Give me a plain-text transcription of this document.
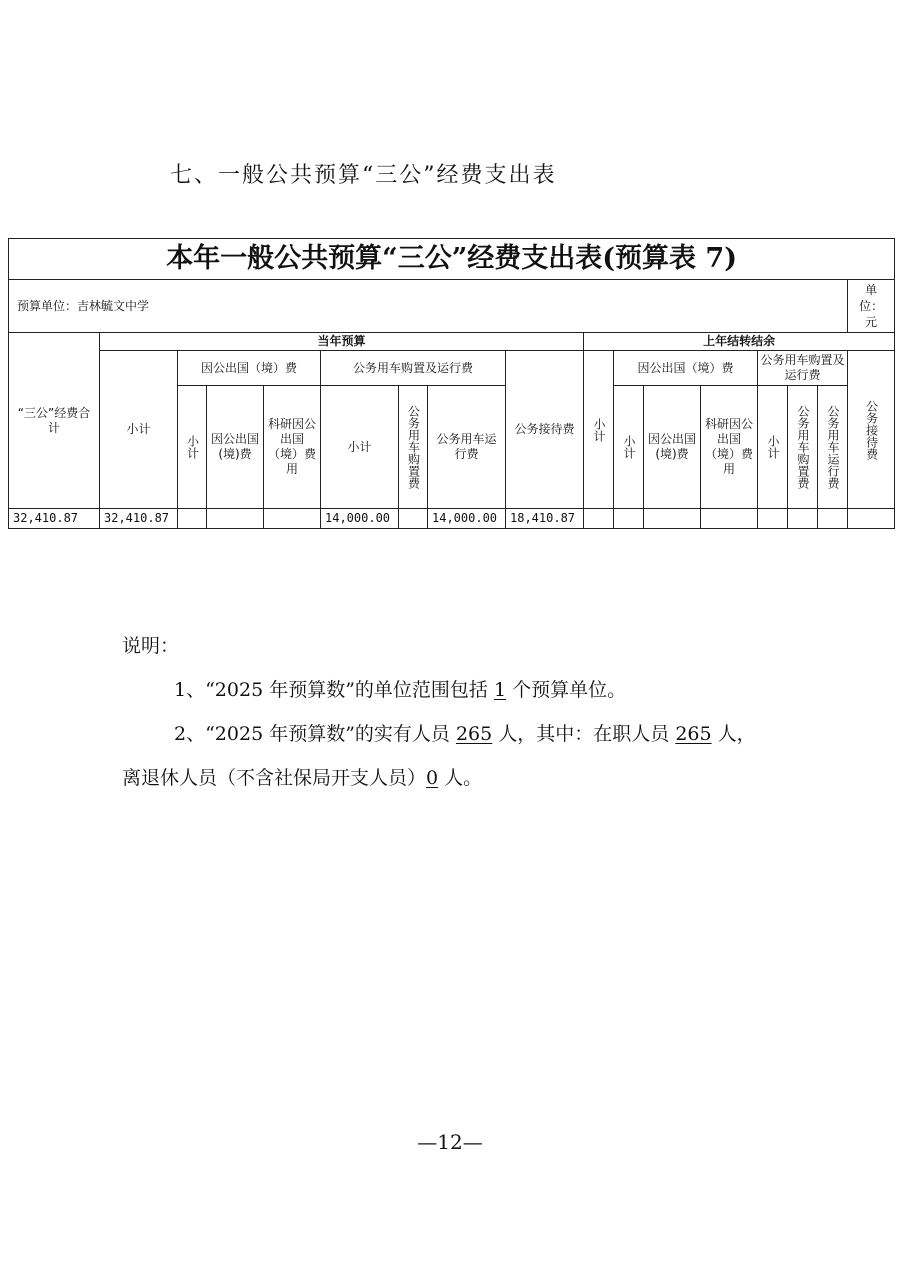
七、一般公共预算“三公”经费支出表
本年一般公共预算“三公”经费支出表(预算表 7)																
预算单位：吉林毓文中学																单
位：
元
“三公”经费合计	当年预算								上年结转结余							
	小计	因公出国（境）费			公务用车购置及运行费			公务接待费	小计	因公出国（境）费			公务用车购置及运行费			公务接待费
		小计	因公出国(境)费	科研因公出国（境）费用	小计	公务用车购置费	公务用车运行费			小计	因公出国(境)费	科研因公出国（境）费用	小计	公务用车购置费	公务用车运行费	

32,410.87	32,410.87				14,000.00		14,000.00	18,410.87								

说明：

1、“2025 年预算数”的单位范围包括 1 个预算单位。

2、“2025 年预算数”的实有人员 265 人，其中：在职人员 265 人，

离退休人员（不含社保局开支人员）0 人。

—12—
